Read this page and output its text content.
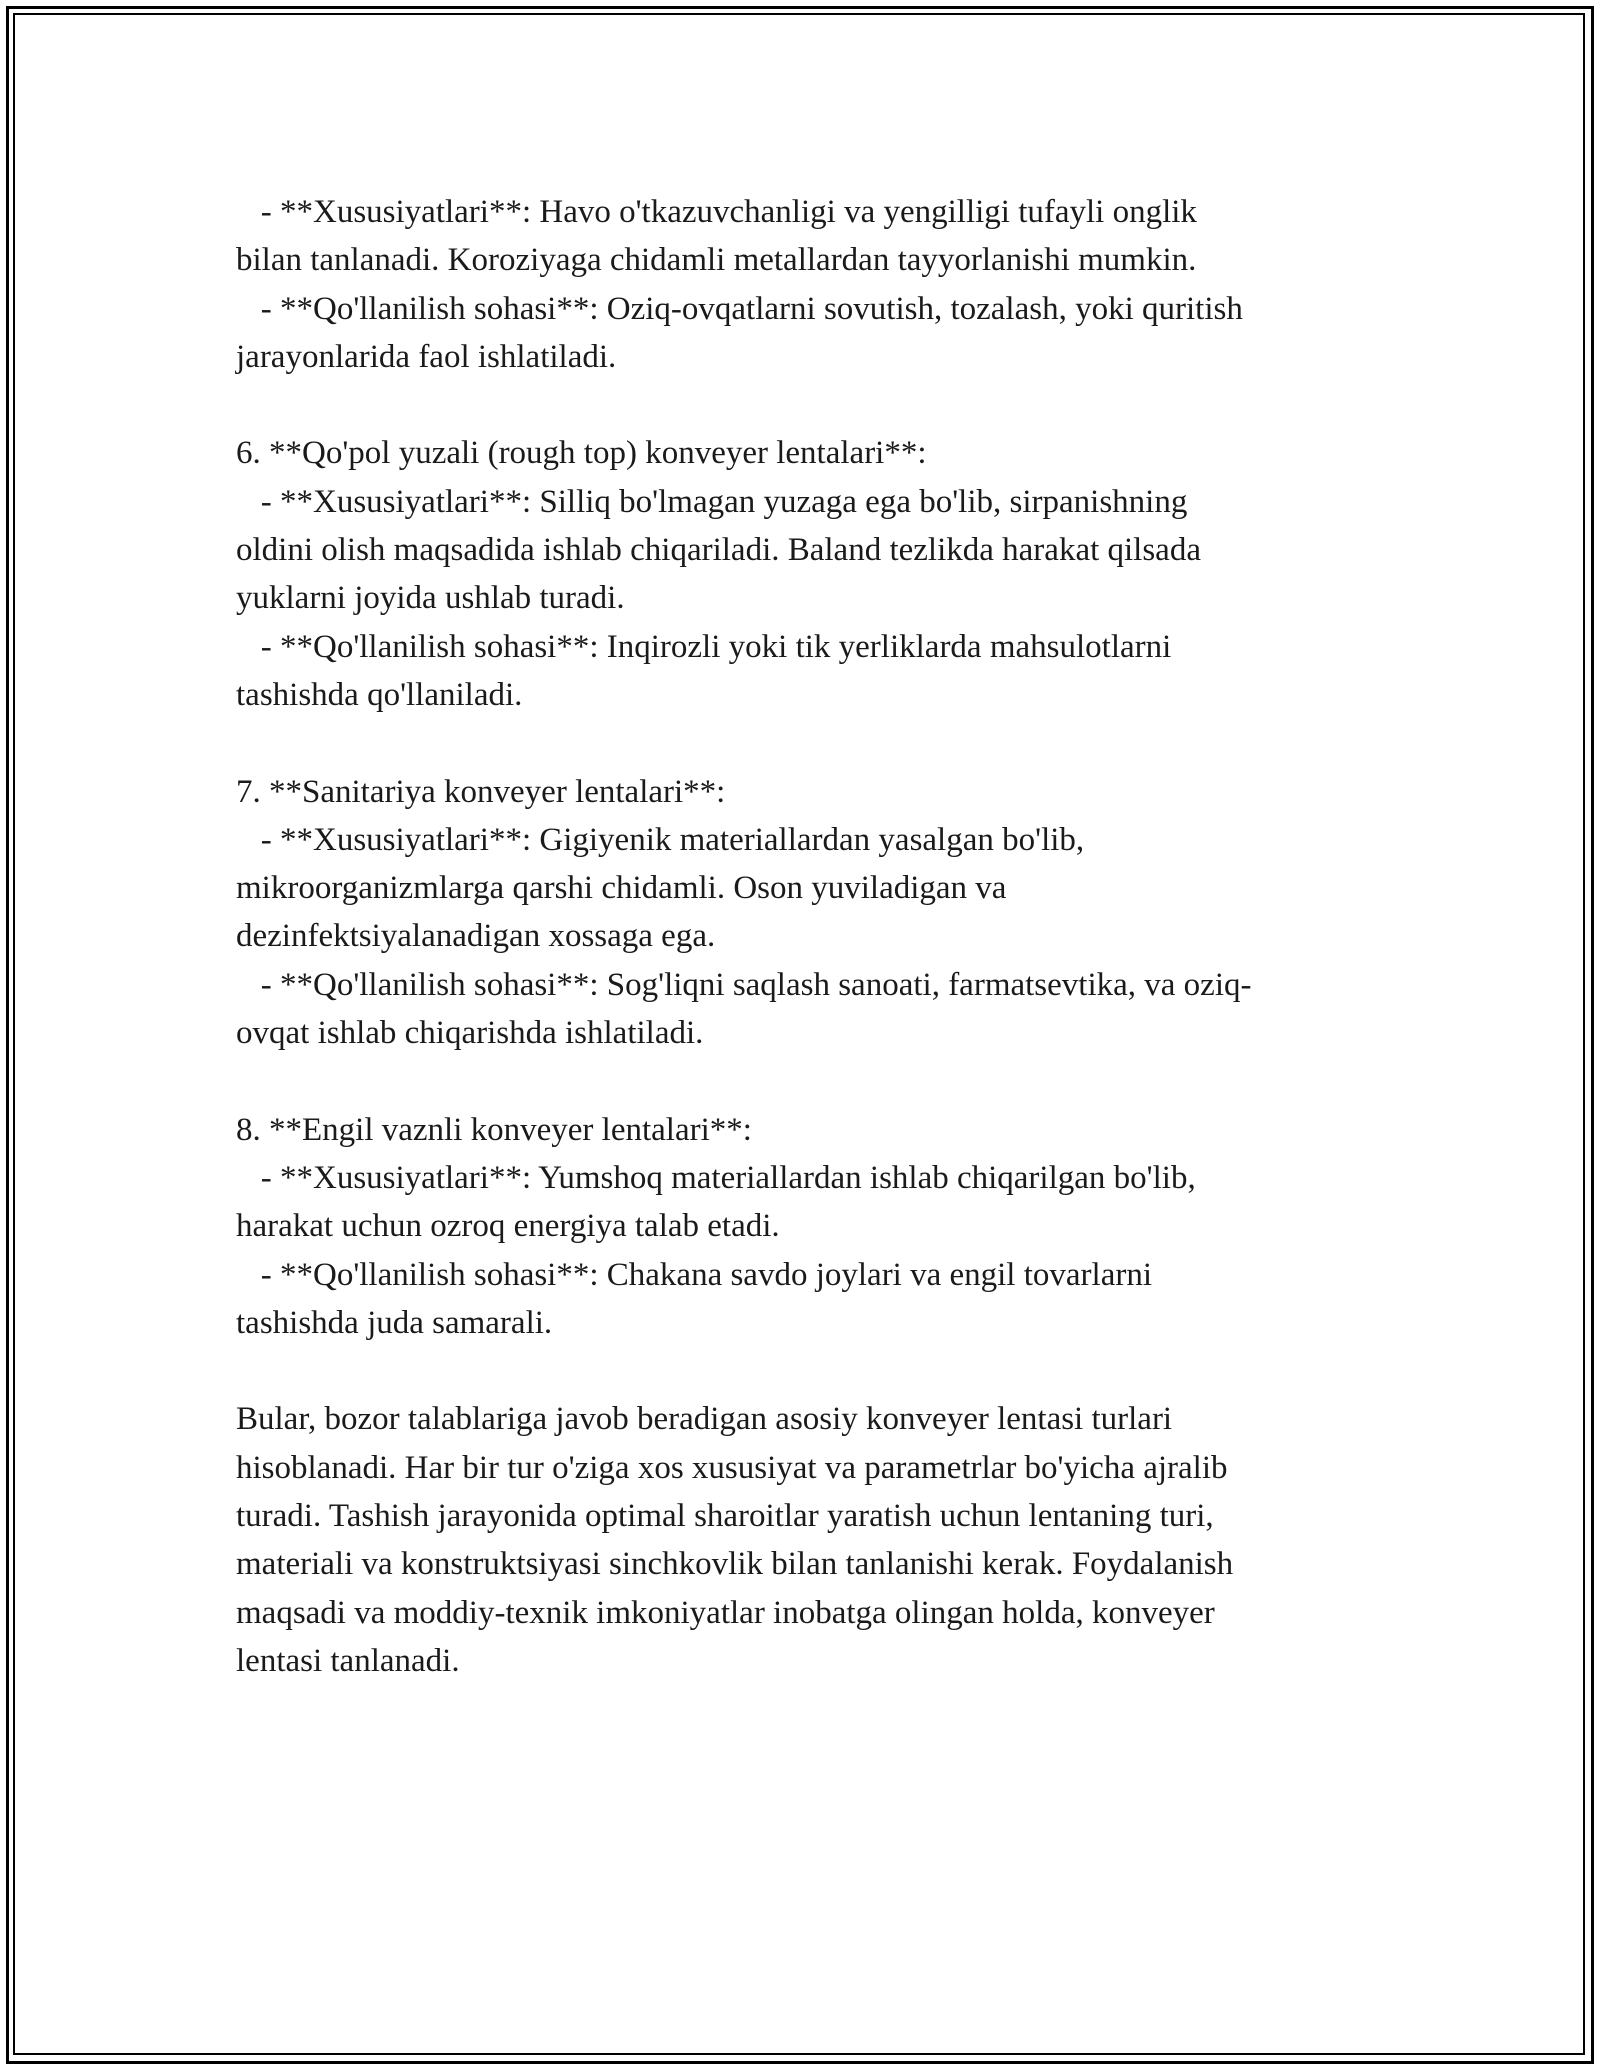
- **Xususiyatlari**: Havo o'tkazuvchanligi va yengilligi tufayli onglik
bilan tanlanadi. Koroziyaga chidamli metallardan tayyorlanishi mumkin.
- **Qo'llanilish sohasi**: Oziq-ovqatlarni sovutish, tozalash, yoki quritish
jarayonlarida faol ishlatiladi.
6. **Qo'pol yuzali (rough top) konveyer lentalari**:
- **Xususiyatlari**: Silliq bo'lmagan yuzaga ega bo'lib, sirpanishning
oldini olish maqsadida ishlab chiqariladi. Baland tezlikda harakat qilsada
yuklarni joyida ushlab turadi.
- **Qo'llanilish sohasi**: Inqirozli yoki tik yerliklarda mahsulotlarni
tashishda qo'llaniladi.
7. **Sanitariya konveyer lentalari**:
- **Xususiyatlari**: Gigiyenik materiallardan yasalgan bo'lib,
mikroorganizmlarga qarshi chidamli. Oson yuviladigan va
dezinfektsiyalanadigan xossaga ega.
- **Qo'llanilish sohasi**: Sog'liqni saqlash sanoati, farmatsevtika, va oziq-
ovqat ishlab chiqarishda ishlatiladi.
8. **Engil vaznli konveyer lentalari**:
- **Xususiyatlari**: Yumshoq materiallardan ishlab chiqarilgan bo'lib,
harakat uchun ozroq energiya talab etadi.
- **Qo'llanilish sohasi**: Chakana savdo joylari va engil tovarlarni
tashishda juda samarali.
Bular, bozor talablariga javob beradigan asosiy konveyer lentasi turlari
hisoblanadi. Har bir tur o'ziga xos xususiyat va parametrlar bo'yicha ajralib
turadi. Tashish jarayonida optimal sharoitlar yaratish uchun lentaning turi,
materiali va konstruktsiyasi sinchkovlik bilan tanlanishi kerak. Foydalanish
maqsadi va moddiy-texnik imkoniyatlar inobatga olingan holda, konveyer
lentasi tanlanadi.
